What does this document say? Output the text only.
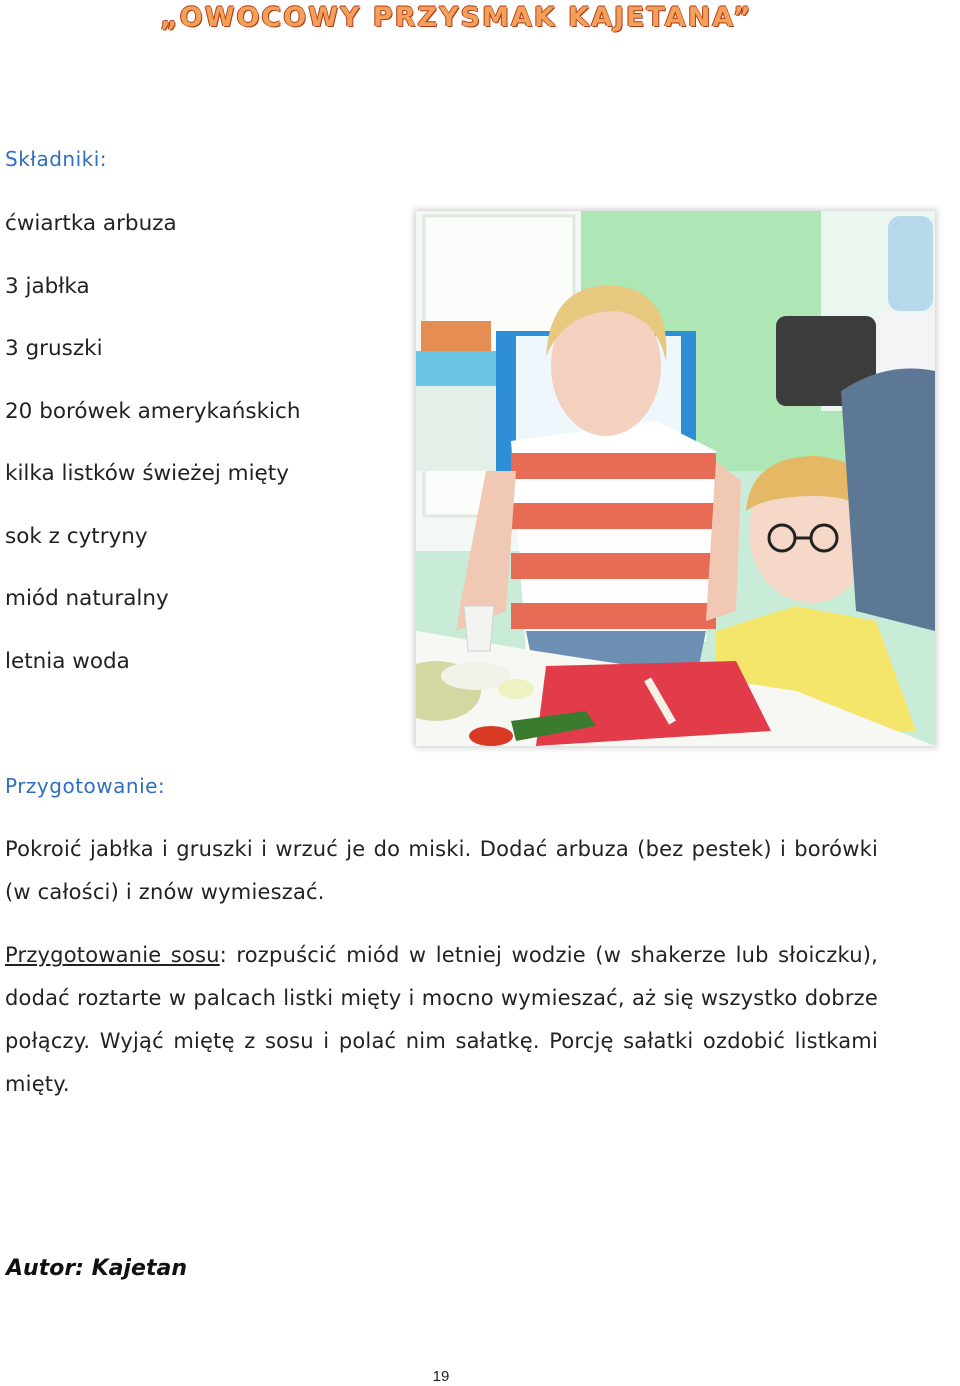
„OWOCOWY PRZYSMAK KAJETANA”
Składniki:
ćwiartka arbuza
3 jabłka
3 gruszki
20 borówek amerykańskich
kilka listków świeżej mięty
sok z cytryny
miód naturalny
letnia woda
Przygotowanie:

Pokroić jabłka i gruszki i wrzuć je do miski. Dodać arbuza (bez pestek) i borówki (w całości) i znów wymieszać.

Przygotowanie sosu: rozpuścić miód w letniej wodzie (w shakerze lub słoiczku), dodać roztarte w palcach listki mięty i mocno wymieszać, aż się wszystko dobrze połączy. Wyjąć miętę z sosu i polać nim sałatkę. Porcję sałatki ozdobić listkami mięty.

Autor: Kajetan
19
